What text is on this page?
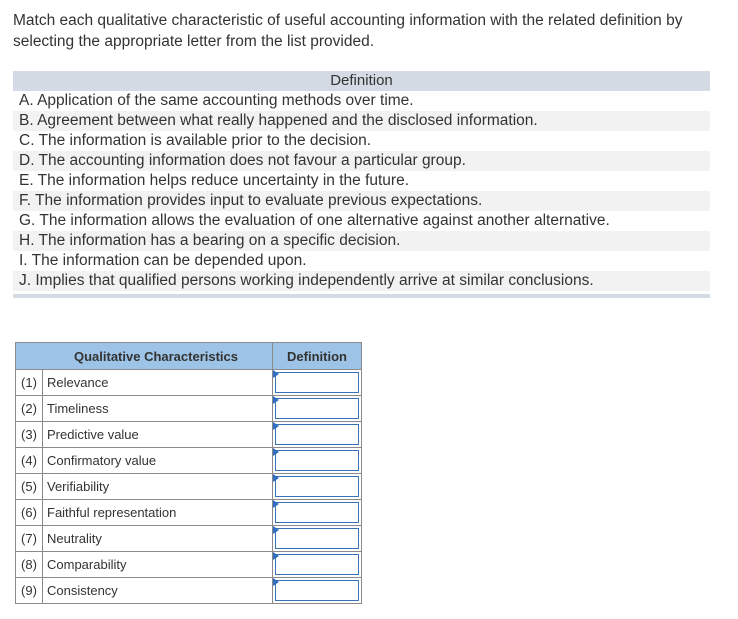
Match each qualitative characteristic of useful accounting information with the related definition by selecting the appropriate letter from the list provided.
Definition
A. Application of the same accounting methods over time.
B. Agreement between what really happened and the disclosed information.
C. The information is available prior to the decision.
D. The accounting information does not favour a particular group.
E. The information helps reduce uncertainty in the future.
F. The information provides input to evaluate previous expectations.
G. The information allows the evaluation of one alternative against another alternative.
H. The information has a bearing on a specific decision.
I. The information can be depended upon.
J. Implies that qualified persons working independently arrive at similar conclusions.
Qualitative Characteristics	Definition

(1) Relevance	

(2) Timeliness	

(3) Predictive value	

(4) Confirmatory value	

(5) Verifiability	

(6) Faithful representation	

(7) Neutrality	

(8) Comparability	

(9) Consistency	
